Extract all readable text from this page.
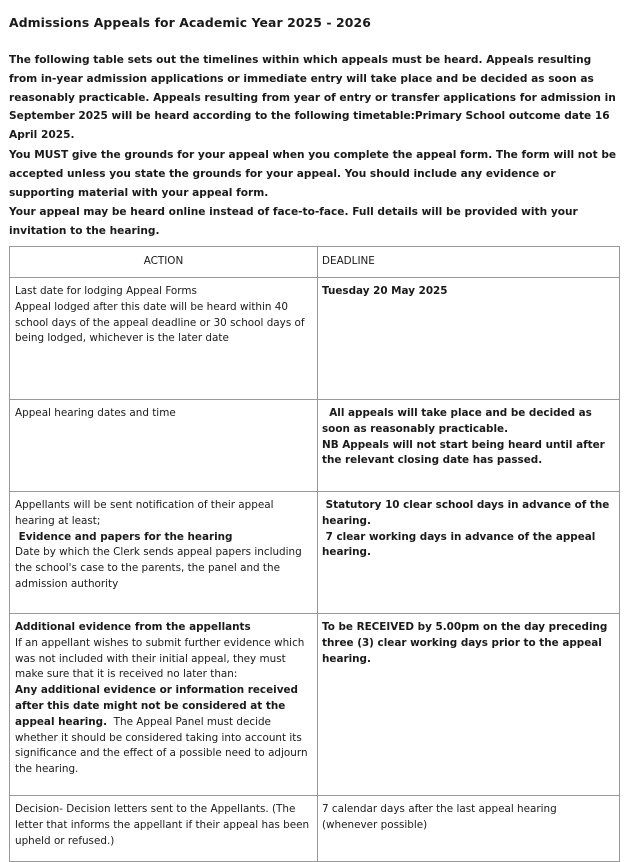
Admissions Appeals for Academic Year 2025 - 2026

The following table sets out the timelines within which appeals must be heard. Appeals resulting from in-year admission applications or immediate entry will take place and be decided as soon as reasonably practicable. Appeals resulting from year of entry or transfer applications for admission in September 2025 will be heard according to the following timetable:Primary School outcome date 16 April 2025.

You MUST give the grounds for your appeal when you complete the appeal form. The form will not be accepted unless you state the grounds for your appeal. You should include any evidence or supporting material with your appeal form.

Your appeal may be heard online instead of face-to-face. Full details will be provided with your invitation to the hearing.

ACTION	DEADLINE

Last date for lodging Appeal Forms
Appeal lodged after this date will be heard within 40 school days of the appeal deadline or 30 school days of being lodged, whichever is the later date	Tuesday 20 May 2025

Appeal hearing dates and time	All appeals will take place and be decided as soon as reasonably practicable.
NB Appeals will not start being heard until after the relevant closing date has passed.

Appellants will be sent notification of their appeal hearing at least;
Evidence and papers for the hearing
Date by which the Clerk sends appeal papers including the school's case to the parents, the panel and the admission authority	Statutory 10 clear school days in advance of the hearing.
7 clear working days in advance of the appeal hearing.

Additional evidence from the appellants
If an appellant wishes to submit further evidence which was not included with their initial appeal, they must make sure that it is received no later than:
Any additional evidence or information received after this date might not be considered at the appeal hearing.  The Appeal Panel must decide whether it should be considered taking into account its significance and the effect of a possible need to adjourn the hearing.	To be RECEIVED by 5.00pm on the day preceding three (3) clear working days prior to the appeal hearing.

Decision- Decision letters sent to the Appellants. (The letter that informs the appellant if their appeal has been upheld or refused.)	7 calendar days after the last appeal hearing (whenever possible)
